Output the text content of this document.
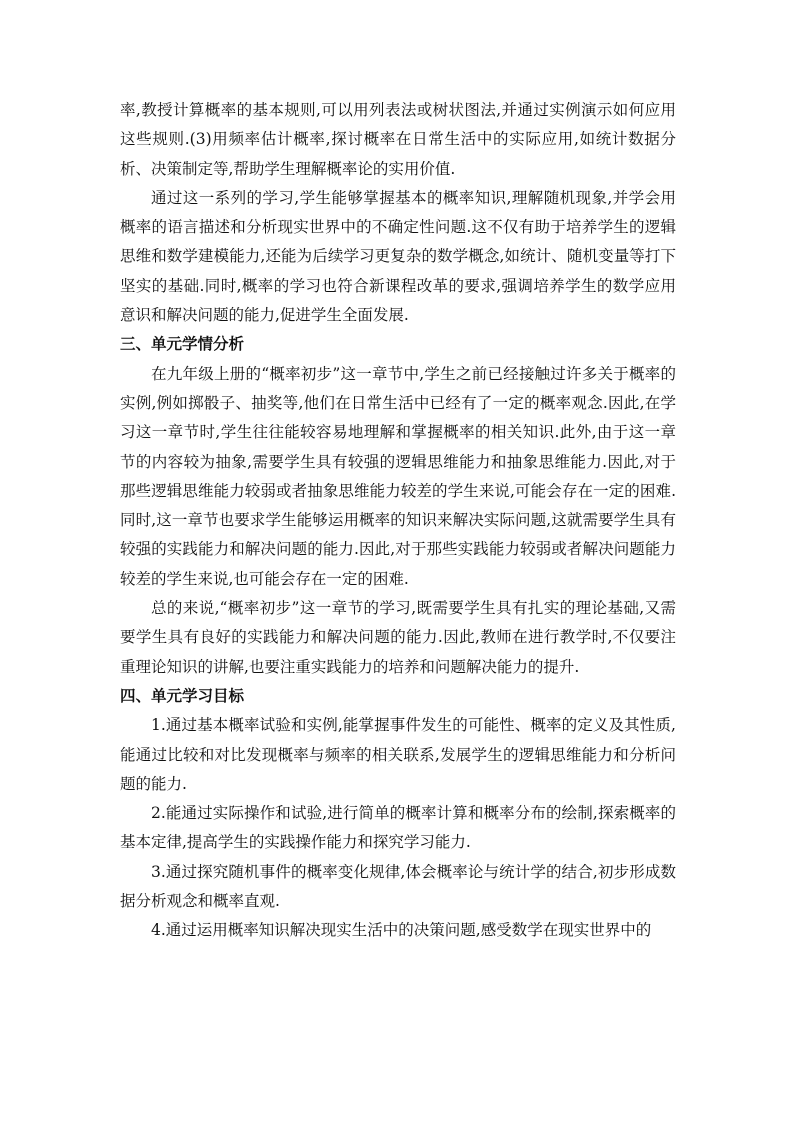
率,教授计算概率的基本规则,可以用列表法或树状图法,并通过实例演示如何应用这些规则.(3)用频率估计概率,探讨概率在日常生活中的实际应用,如统计数据分析、决策制定等,帮助学生理解概率论的实用价值.

通过这一系列的学习,学生能够掌握基本的概率知识,理解随机现象,并学会用概率的语言描述和分析现实世界中的不确定性问题.这不仅有助于培养学生的逻辑思维和数学建模能力,还能为后续学习更复杂的数学概念,如统计、随机变量等打下坚实的基础.同时,概率的学习也符合新课程改革的要求,强调培养学生的数学应用意识和解决问题的能力,促进学生全面发展.

三、单元学情分析

在九年级上册的“概率初步”这一章节中,学生之前已经接触过许多关于概率的实例,例如掷骰子、抽奖等,他们在日常生活中已经有了一定的概率观念.因此,在学习这一章节时,学生往往能较容易地理解和掌握概率的相关知识.此外,由于这一章节的内容较为抽象,需要学生具有较强的逻辑思维能力和抽象思维能力.因此,对于那些逻辑思维能力较弱或者抽象思维能力较差的学生来说,可能会存在一定的困难.同时,这一章节也要求学生能够运用概率的知识来解决实际问题,这就需要学生具有较强的实践能力和解决问题的能力.因此,对于那些实践能力较弱或者解决问题能力较差的学生来说,也可能会存在一定的困难.

总的来说,“概率初步”这一章节的学习,既需要学生具有扎实的理论基础,又需要学生具有良好的实践能力和解决问题的能力.因此,教师在进行教学时,不仅要注重理论知识的讲解,也要注重实践能力的培养和问题解决能力的提升.

四、单元学习目标

1.通过基本概率试验和实例,能掌握事件发生的可能性、概率的定义及其性质,能通过比较和对比发现概率与频率的相关联系,发展学生的逻辑思维能力和分析问题的能力.

2.能通过实际操作和试验,进行简单的概率计算和概率分布的绘制,探索概率的基本定律,提高学生的实践操作能力和探究学习能力.

3.通过探究随机事件的概率变化规律,体会概率论与统计学的结合,初步形成数据分析观念和概率直观.

4.通过运用概率知识解决现实生活中的决策问题,感受数学在现实世界中的
